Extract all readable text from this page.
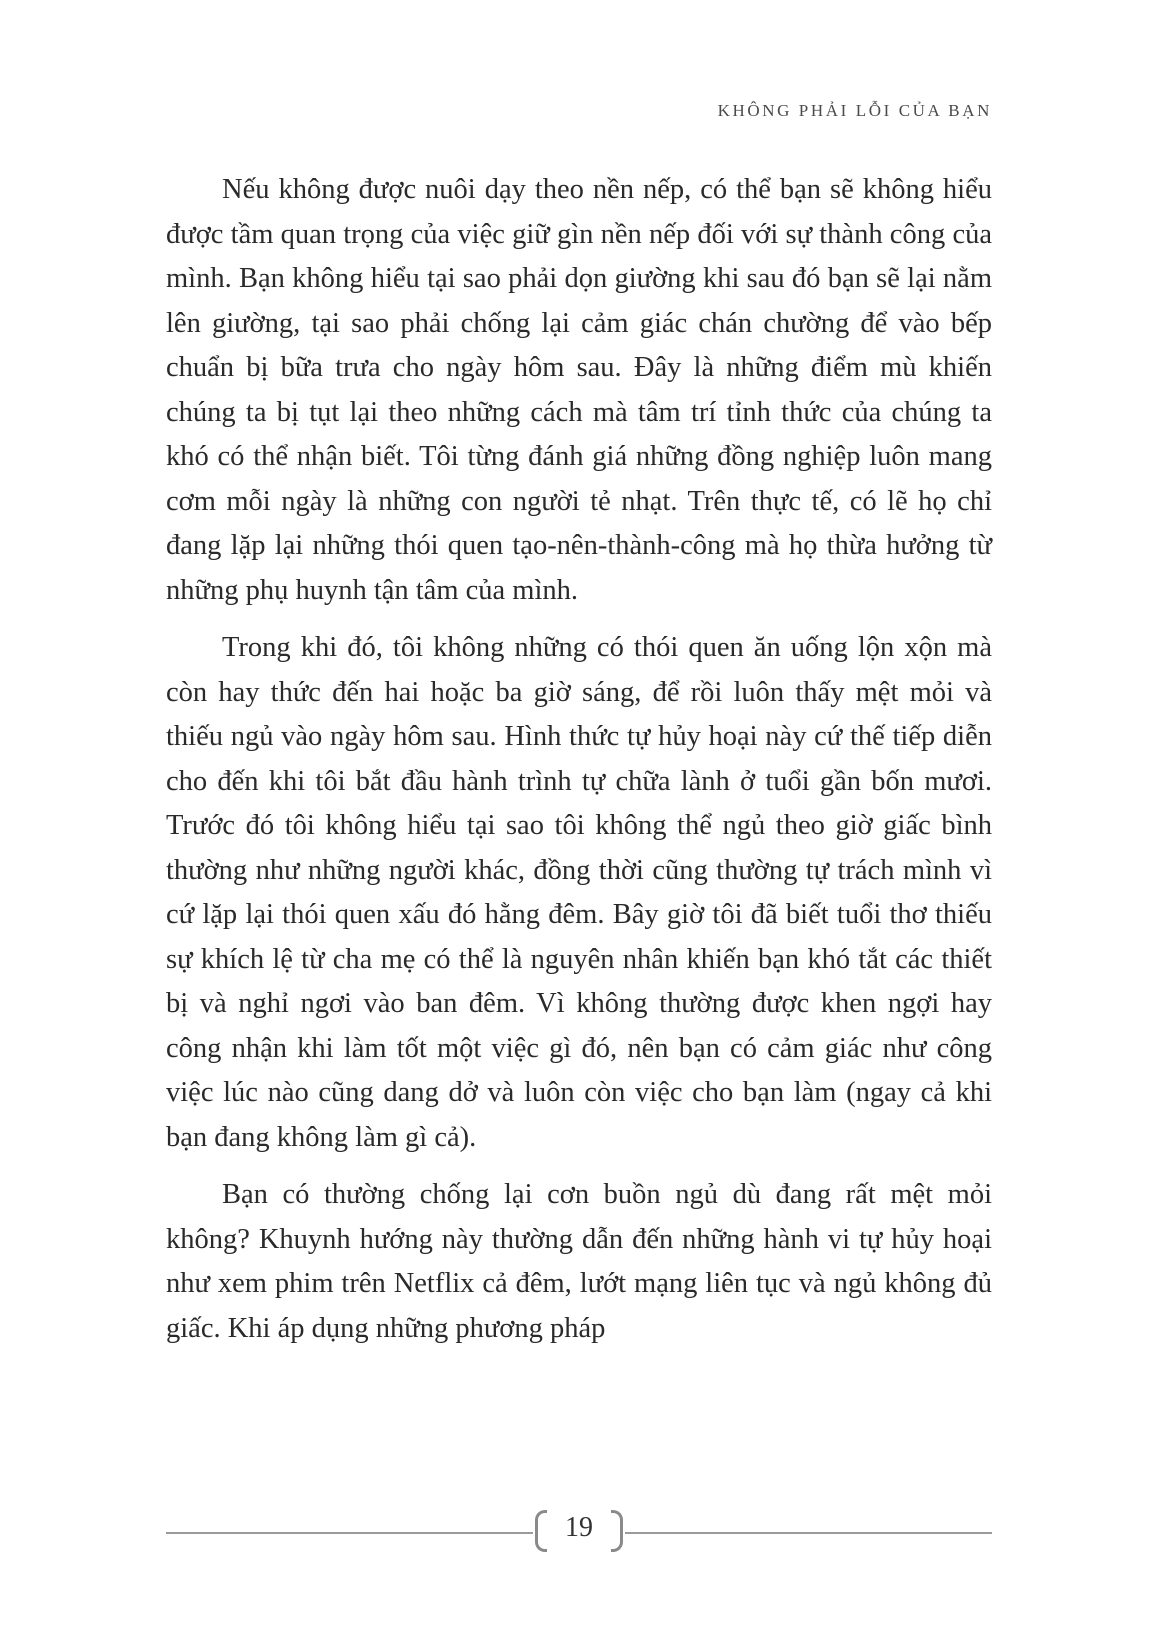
KHÔNG PHẢI LỖI CỦA BẠN

Nếu không được nuôi dạy theo nền nếp, có thể bạn sẽ không hiểu được tầm quan trọng của việc giữ gìn nền nếp đối với sự thành công của mình. Bạn không hiểu tại sao phải dọn giường khi sau đó bạn sẽ lại nằm lên giường, tại sao phải chống lại cảm giác chán chường để vào bếp chuẩn bị bữa trưa cho ngày hôm sau. Đây là những điểm mù khiến chúng ta bị tụt lại theo những cách mà tâm trí tỉnh thức của chúng ta khó có thể nhận biết. Tôi từng đánh giá những đồng nghiệp luôn mang cơm mỗi ngày là những con người tẻ nhạt. Trên thực tế, có lẽ họ chỉ đang lặp lại những thói quen tạo-nên-thành-công mà họ thừa hưởng từ những phụ huynh tận tâm của mình.

Trong khi đó, tôi không những có thói quen ăn uống lộn xộn mà còn hay thức đến hai hoặc ba giờ sáng, để rồi luôn thấy mệt mỏi và thiếu ngủ vào ngày hôm sau. Hình thức tự hủy hoại này cứ thế tiếp diễn cho đến khi tôi bắt đầu hành trình tự chữa lành ở tuổi gần bốn mươi. Trước đó tôi không hiểu tại sao tôi không thể ngủ theo giờ giấc bình thường như những người khác, đồng thời cũng thường tự trách mình vì cứ lặp lại thói quen xấu đó hằng đêm. Bây giờ tôi đã biết tuổi thơ thiếu sự khích lệ từ cha mẹ có thể là nguyên nhân khiến bạn khó tắt các thiết bị và nghỉ ngơi vào ban đêm. Vì không thường được khen ngợi hay công nhận khi làm tốt một việc gì đó, nên bạn có cảm giác như công việc lúc nào cũng dang dở và luôn còn việc cho bạn làm (ngay cả khi bạn đang không làm gì cả).

Bạn có thường chống lại cơn buồn ngủ dù đang rất mệt mỏi không? Khuynh hướng này thường dẫn đến những hành vi tự hủy hoại như xem phim trên Netflix cả đêm, lướt mạng liên tục và ngủ không đủ giấc. Khi áp dụng những phương pháp

19
